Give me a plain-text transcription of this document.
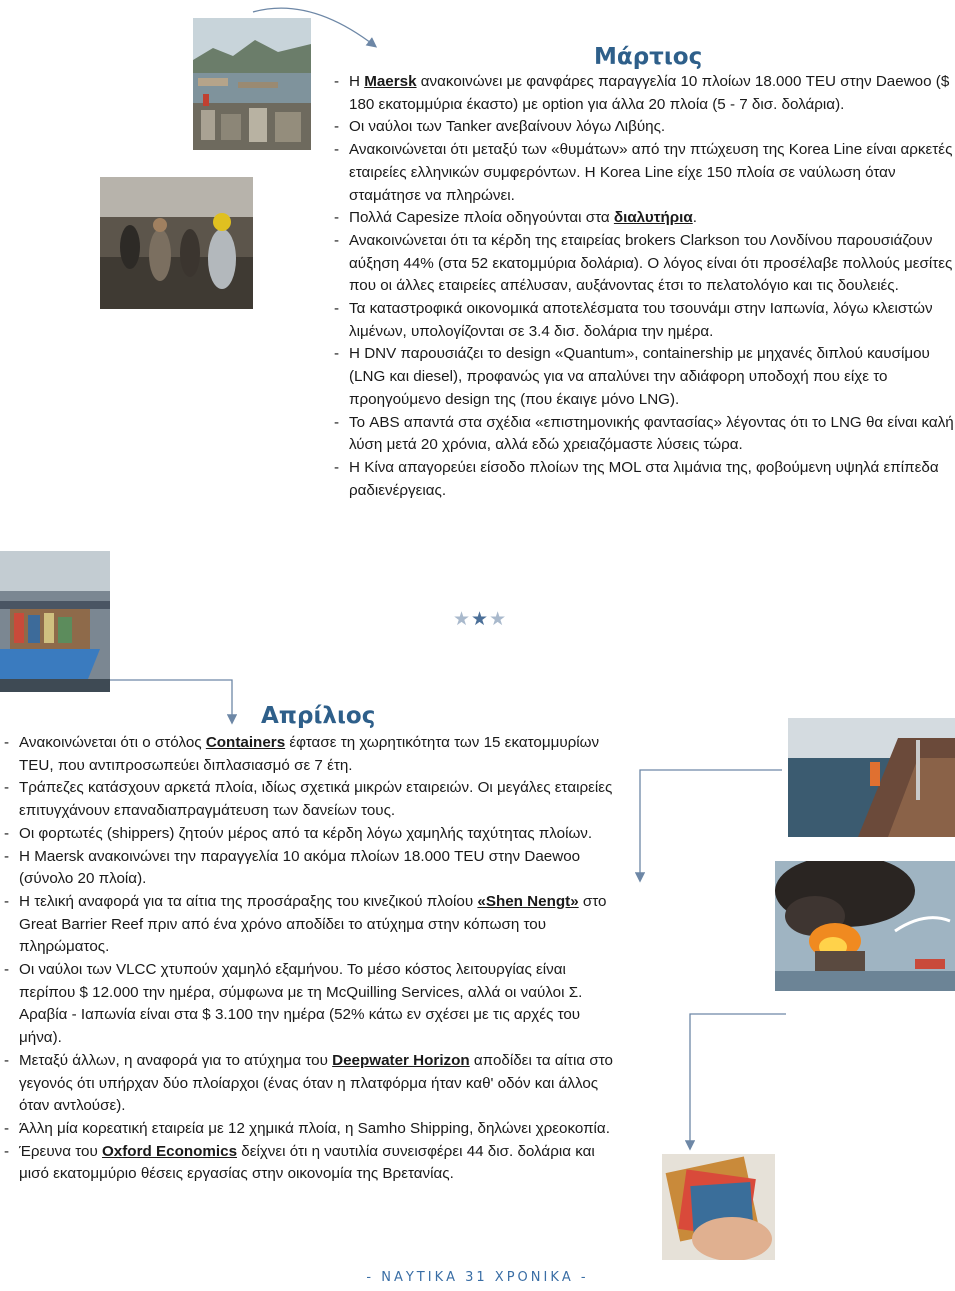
Μάρτιος
- Η Maersk ανακοινώνει με φανφάρες παραγγελία 10 πλοίων 18.000 TEU στην Daewoo ($ 180 εκατομμύρια έκαστο) με option για άλλα 20 πλοία (5 - 7 δισ. δολάρια).
- Οι ναύλοι των Tanker ανεβαίνουν λόγω Λιβύης.
- Ανακοινώνεται ότι μεταξύ των «θυμάτων» από την πτώχευση της Korea Line είναι αρκετές εταιρείες ελληνικών συμφερόντων. Η Korea Line είχε 150 πλοία σε ναύλωση όταν σταμάτησε να πληρώνει.
- Πολλά Capesize πλοία οδηγούνται στα διαλυτήρια.
- Ανακοινώνεται ότι τα κέρδη της εταιρείας brokers Clarkson του Λονδίνου παρουσιάζουν αύξηση 44% (στα 52 εκατομμύρια δολάρια). Ο λόγος είναι ότι προσέλαβε πολλούς μεσίτες που οι άλλες εταιρείες απέλυσαν, αυξάνοντας έτσι το πελατολόγιο και τις δουλειές.
- Τα καταστροφικά οικονομικά αποτελέσματα του τσουνάμι στην Ιαπωνία, λόγω κλειστών λιμένων, υπολογίζονται σε 3.4 δισ. δολάρια την ημέρα.
- Η DNV παρουσιάζει το design «Quantum», containership με μηχανές διπλού καυσίμου (LNG και diesel), προφανώς για να απαλύνει την αδιάφορη υποδοχή που είχε το προηγούμενο design της (που έκαιγε μόνο LNG).
- Το ABS απαντά στα σχέδια «επιστημονικής φαντασίας» λέγοντας ότι το LNG θα είναι καλή λύση μετά 20 χρόνια, αλλά εδώ χρειαζόμαστε λύσεις τώρα.
- Η Κίνα απαγορεύει είσοδο πλοίων της MOL στα λιμάνια της, φοβούμενη υψηλά επίπεδα ραδιενέργειας.
★★★
Απρίλιος
- Ανακοινώνεται ότι ο στόλος Containers έφτασε τη χωρητικότητα των 15 εκατομμυρίων TEU, που αντιπροσωπεύει διπλασιασμό σε 7 έτη.
- Τράπεζες κατάσχουν αρκετά πλοία, ιδίως σχετικά μικρών εταιρειών. Οι μεγάλες εταιρείες επιτυγχάνουν επαναδιαπραγμάτευση των δανείων τους.
- Οι φορτωτές (shippers) ζητούν μέρος από τα κέρδη λόγω χαμηλής ταχύτητας πλοίων.
- Η Maersk ανακοινώνει την παραγγελία 10 ακόμα πλοίων 18.000 TEU στην Daewoo (σύνολο 20 πλοία).
- Η τελική αναφορά για τα αίτια της προσάραξης του κινεζικού πλοίου «Shen Nengt» στο Great Barrier Reef πριν από ένα χρόνο αποδίδει το ατύχημα στην κόπωση του πληρώματος.
- Οι ναύλοι των VLCC χτυπούν χαμηλό εξαμήνου. Το μέσο κόστος λειτουργίας είναι περίπου $ 12.000 την ημέρα, σύμφωνα με τη McQuilling Services, αλλά οι ναύλοι Σ. Αραβία - Ιαπωνία είναι στα $ 3.100 την ημέρα (52% κάτω εν σχέσει με τις αρχές του μήνα).
- Μεταξύ άλλων, η αναφορά για το ατύχημα του Deepwater Horizon αποδίδει τα αίτια στο γεγονός ότι υπήρχαν δύο πλοίαρχοι (ένας όταν η πλατφόρμα ήταν καθ' οδόν και άλλος όταν αντλούσε).
- Άλλη μία κορεατική εταιρεία με 12 χημικά πλοία, η Samho Shipping, δηλώνει χρεοκοπία.
- Έρευνα του Oxford Economics δείχνει ότι η ναυτιλία συνεισφέρει 44 δισ. δολάρια και μισό εκατομμύριο θέσεις εργασίας στην οικονομία της Βρετανίας.
- ΝΑΥΤΙΚΑ 31 ΧΡΟΝΙΚΑ -
